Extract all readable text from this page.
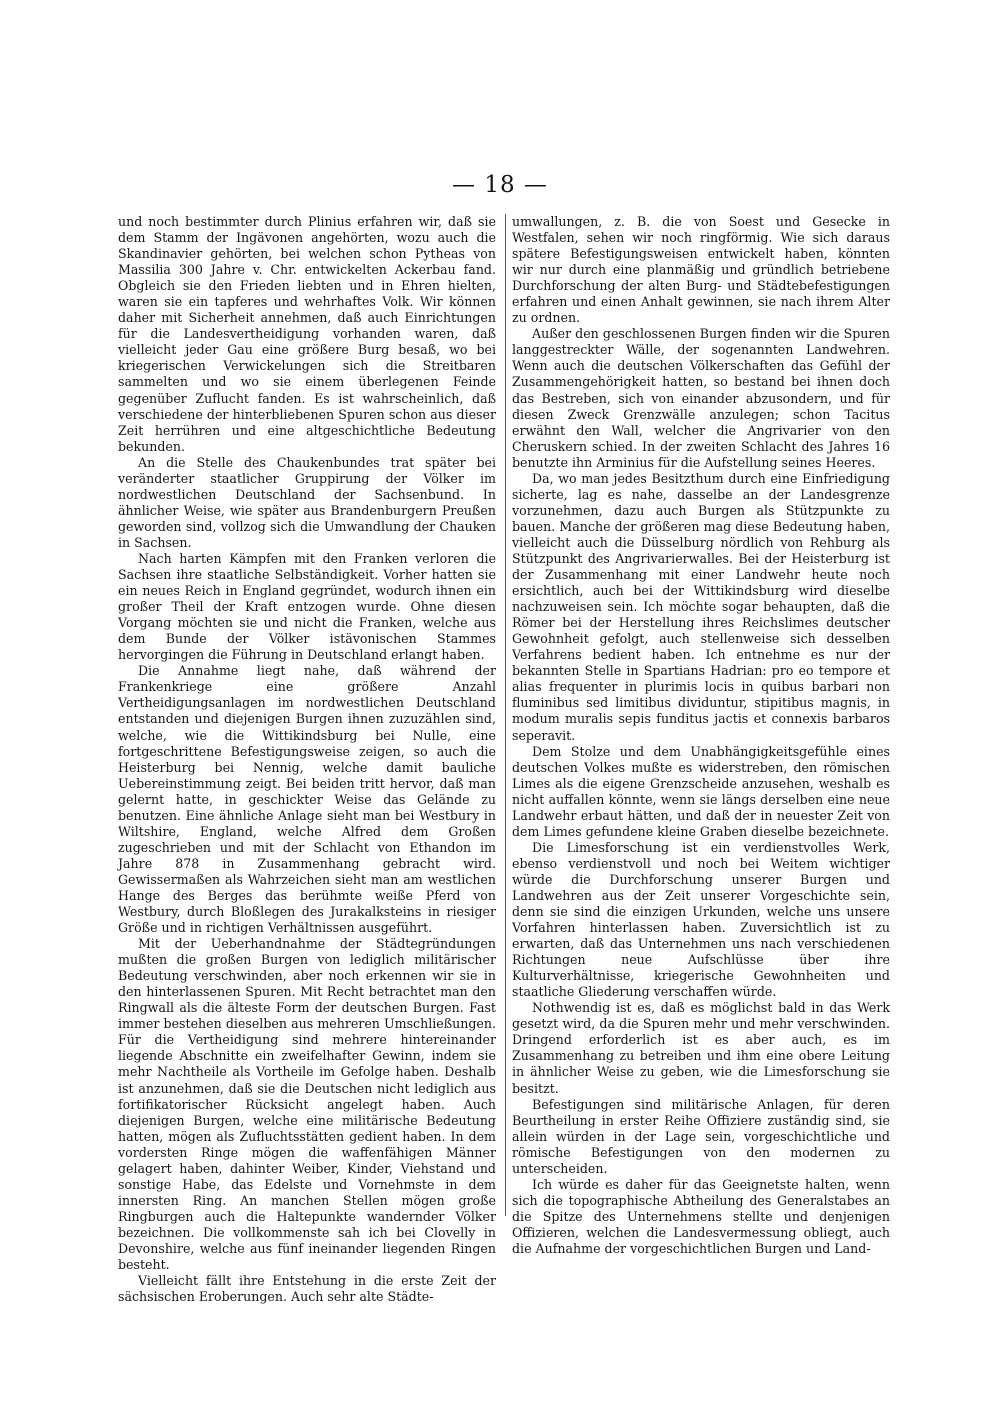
— 18 —

und noch bestimmter durch Plinius erfahren wir, daß sie dem Stamm der Ingävonen angehörten, wozu auch die Skandinavier gehörten, bei welchen schon Pytheas von Massilia 300 Jahre v. Chr. entwickelten Ackerbau fand. Obgleich sie den Frieden liebten und in Ehren hielten, waren sie ein tapferes und wehrhaftes Volk. Wir können daher mit Sicherheit annehmen, daß auch Einrichtungen für die Landesvertheidigung vorhanden waren, daß vielleicht jeder Gau eine größere Burg besaß, wo bei kriegerischen Verwickelungen sich die Streitbaren sammelten und wo sie einem überlegenen Feinde gegenüber Zuflucht fanden. Es ist wahrscheinlich, daß verschiedene der hinterbliebenen Spuren schon aus dieser Zeit herrühren und eine altgeschichtliche Bedeutung bekunden.

An die Stelle des Chaukenbundes trat später bei veränderter staatlicher Gruppirung der Völker im nordwestlichen Deutschland der Sachsenbund. In ähnlicher Weise, wie später aus Brandenburgern Preußen geworden sind, vollzog sich die Umwandlung der Chauken in Sachsen.

Nach harten Kämpfen mit den Franken verloren die Sachsen ihre staatliche Selbständigkeit. Vorher hatten sie ein neues Reich in England gegründet, wodurch ihnen ein großer Theil der Kraft entzogen wurde. Ohne diesen Vorgang möchten sie und nicht die Franken, welche aus dem Bunde der Völker istävonischen Stammes hervorgingen die Führung in Deutschland erlangt haben.

Die Annahme liegt nahe, daß während der Frankenkriege eine größere Anzahl Vertheidigungsanlagen im nordwestlichen Deutschland entstanden und diejenigen Burgen ihnen zuzuzählen sind, welche, wie die Wittikindsburg bei Nulle, eine fortgeschrittene Befestigungsweise zeigen, so auch die Heisterburg bei Nennig, welche damit bauliche Uebereinstimmung zeigt. Bei beiden tritt hervor, daß man gelernt hatte, in geschickter Weise das Gelände zu benutzen. Eine ähnliche Anlage sieht man bei Westbury in Wiltshire, England, welche Alfred dem Großen zugeschrieben und mit der Schlacht von Ethandon im Jahre 878 in Zusammenhang gebracht wird. Gewissermaßen als Wahrzeichen sieht man am westlichen Hange des Berges das berühmte weiße Pferd von Westbury, durch Bloßlegen des Jurakalksteins in riesiger Größe und in richtigen Verhältnissen ausgeführt.

Mit der Ueberhandnahme der Städtegründungen mußten die großen Burgen von lediglich militärischer Bedeutung verschwinden, aber noch erkennen wir sie in den hinterlassenen Spuren. Mit Recht betrachtet man den Ringwall als die älteste Form der deutschen Burgen. Fast immer bestehen dieselben aus mehreren Umschließungen. Für die Vertheidigung sind mehrere hintereinander liegende Abschnitte ein zweifelhafter Gewinn, indem sie mehr Nachtheile als Vortheile im Gefolge haben. Deshalb ist anzunehmen, daß sie die Deutschen nicht lediglich aus fortifikatorischer Rücksicht angelegt haben. Auch diejenigen Burgen, welche eine militärische Bedeutung hatten, mögen als Zufluchtsstätten gedient haben. In dem vordersten Ringe mögen die waffenfähigen Männer gelagert haben, dahinter Weiber, Kinder, Viehstand und sonstige Habe, das Edelste und Vornehmste in dem innersten Ring. An manchen Stellen mögen große Ringburgen auch die Haltepunkte wandernder Völker bezeichnen. Die vollkommenste sah ich bei Clovelly in Devonshire, welche aus fünf ineinander liegenden Ringen besteht.

Vielleicht fällt ihre Entstehung in die erste Zeit der sächsischen Eroberungen. Auch sehr alte Städte-

umwallungen, z. B. die von Soest und Gesecke in Westfalen, sehen wir noch ringförmig. Wie sich daraus spätere Befestigungsweisen entwickelt haben, könnten wir nur durch eine planmäßig und gründlich betriebene Durchforschung der alten Burg- und Städtebefestigungen erfahren und einen Anhalt gewinnen, sie nach ihrem Alter zu ordnen.

Außer den geschlossenen Burgen finden wir die Spuren langgestreckter Wälle, der sogenannten Landwehren. Wenn auch die deutschen Völkerschaften das Gefühl der Zusammengehörigkeit hatten, so bestand bei ihnen doch das Bestreben, sich von einander abzusondern, und für diesen Zweck Grenzwälle anzulegen; schon Tacitus erwähnt den Wall, welcher die Angrivarier von den Cheruskern schied. In der zweiten Schlacht des Jahres 16 benutzte ihn Arminius für die Aufstellung seines Heeres.

Da, wo man jedes Besitzthum durch eine Einfriedigung sicherte, lag es nahe, dasselbe an der Landesgrenze vorzunehmen, dazu auch Burgen als Stützpunkte zu bauen. Manche der größeren mag diese Bedeutung haben, vielleicht auch die Düsselburg nördlich von Rehburg als Stützpunkt des Angrivarierwalles. Bei der Heisterburg ist der Zusammenhang mit einer Landwehr heute noch ersichtlich, auch bei der Wittikindsburg wird dieselbe nachzuweisen sein. Ich möchte sogar behaupten, daß die Römer bei der Herstellung ihres Reichslimes deutscher Gewohnheit gefolgt, auch stellenweise sich desselben Verfahrens bedient haben. Ich entnehme es nur der bekannten Stelle in Spartians Hadrian: pro eo tempore et alias frequenter in plurimis locis in quibus barbari non fluminibus sed limitibus dividuntur, stipitibus magnis, in modum muralis sepis funditus jactis et connexis barbaros seperavit.

Dem Stolze und dem Unabhängigkeitsgefühle eines deutschen Volkes mußte es widerstreben, den römischen Limes als die eigene Grenzscheide anzusehen, weshalb es nicht auffallen könnte, wenn sie längs derselben eine neue Landwehr erbaut hätten, und daß der in neuester Zeit von dem Limes gefundene kleine Graben dieselbe bezeichnete.

Die Limesforschung ist ein verdienstvolles Werk, ebenso verdienstvoll und noch bei Weitem wichtiger würde die Durchforschung unserer Burgen und Landwehren aus der Zeit unserer Vorgeschichte sein, denn sie sind die einzigen Urkunden, welche uns unsere Vorfahren hinterlassen haben. Zuversichtlich ist zu erwarten, daß das Unternehmen uns nach verschiedenen Richtungen neue Aufschlüsse über ihre Kulturverhältnisse, kriegerische Gewohnheiten und staatliche Gliederung verschaffen würde.

Nothwendig ist es, daß es möglichst bald in das Werk gesetzt wird, da die Spuren mehr und mehr verschwinden. Dringend erforderlich ist es aber auch, es im Zusammenhang zu betreiben und ihm eine obere Leitung in ähnlicher Weise zu geben, wie die Limesforschung sie besitzt.

Befestigungen sind militärische Anlagen, für deren Beurtheilung in erster Reihe Offiziere zuständig sind, sie allein würden in der Lage sein, vorgeschichtliche und römische Befestigungen von den modernen zu unterscheiden.

Ich würde es daher für das Geeignetste halten, wenn sich die topographische Abtheilung des Generalstabes an die Spitze des Unternehmens stellte und denjenigen Offizieren, welchen die Landesvermessung obliegt, auch die Aufnahme der vorgeschichtlichen Burgen und Land-
